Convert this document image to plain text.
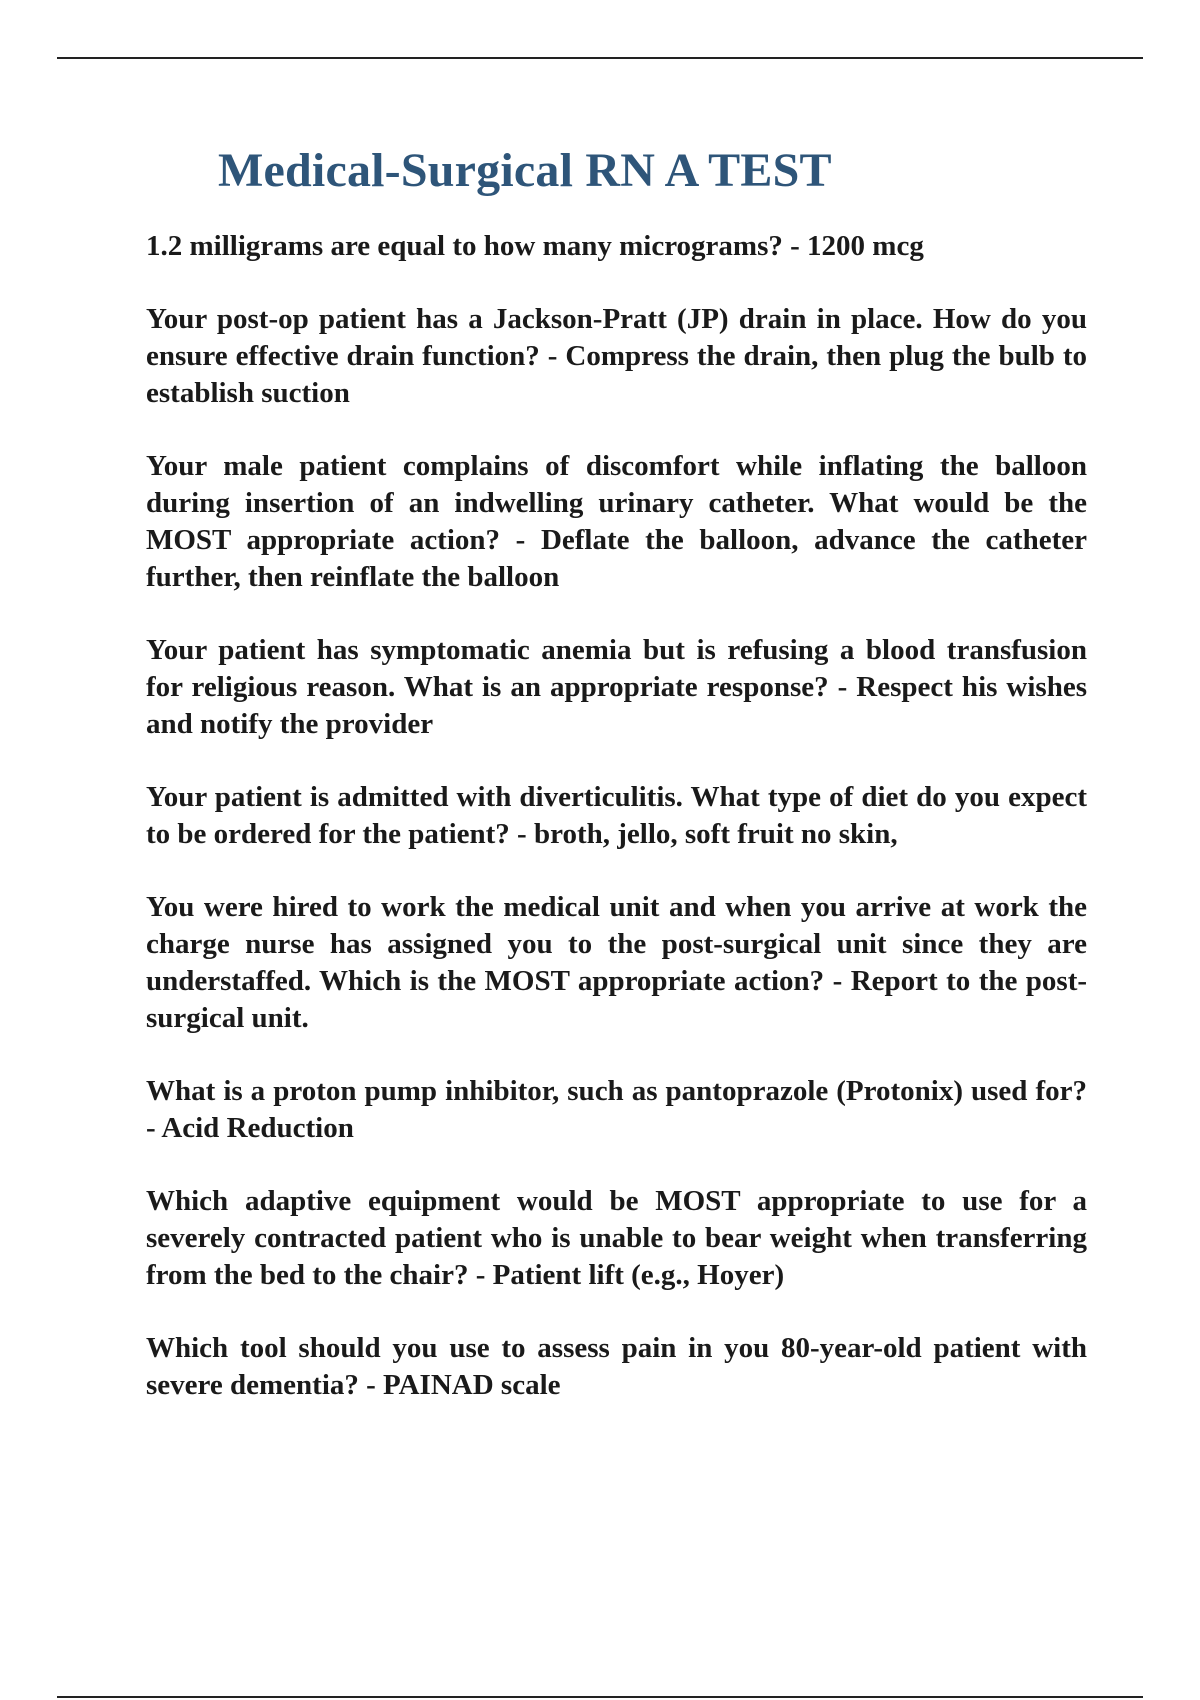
Medical-Surgical RN A TEST
1.2 milligrams are equal to how many micrograms? - 1200 mcg
Your post-op patient has a Jackson-Pratt (JP) drain in place. How do you ensure effective drain function? - Compress the drain, then plug the bulb to establish suction
Your male patient complains of discomfort while inflating the balloon during insertion of an indwelling urinary catheter. What would be the MOST appropriate action? - Deflate the balloon, advance the catheter further, then reinflate the balloon
Your patient has symptomatic anemia but is refusing a blood transfusion for religious reason. What is an appropriate response? - Respect his wishes and notify the provider
Your patient is admitted with diverticulitis. What type of diet do you expect to be ordered for the patient? - broth, jello, soft fruit no skin,
You were hired to work the medical unit and when you arrive at work the charge nurse has assigned you to the post-surgical unit since they are understaffed. Which is the MOST appropriate action? - Report to the post-surgical unit.
What is a proton pump inhibitor, such as pantoprazole (Protonix) used for? - Acid Reduction
Which adaptive equipment would be MOST appropriate to use for a severely contracted patient who is unable to bear weight when transferring from the bed to the chair? - Patient lift (e.g., Hoyer)
Which tool should you use to assess pain in you 80-year-old patient with severe dementia? - PAINAD scale
